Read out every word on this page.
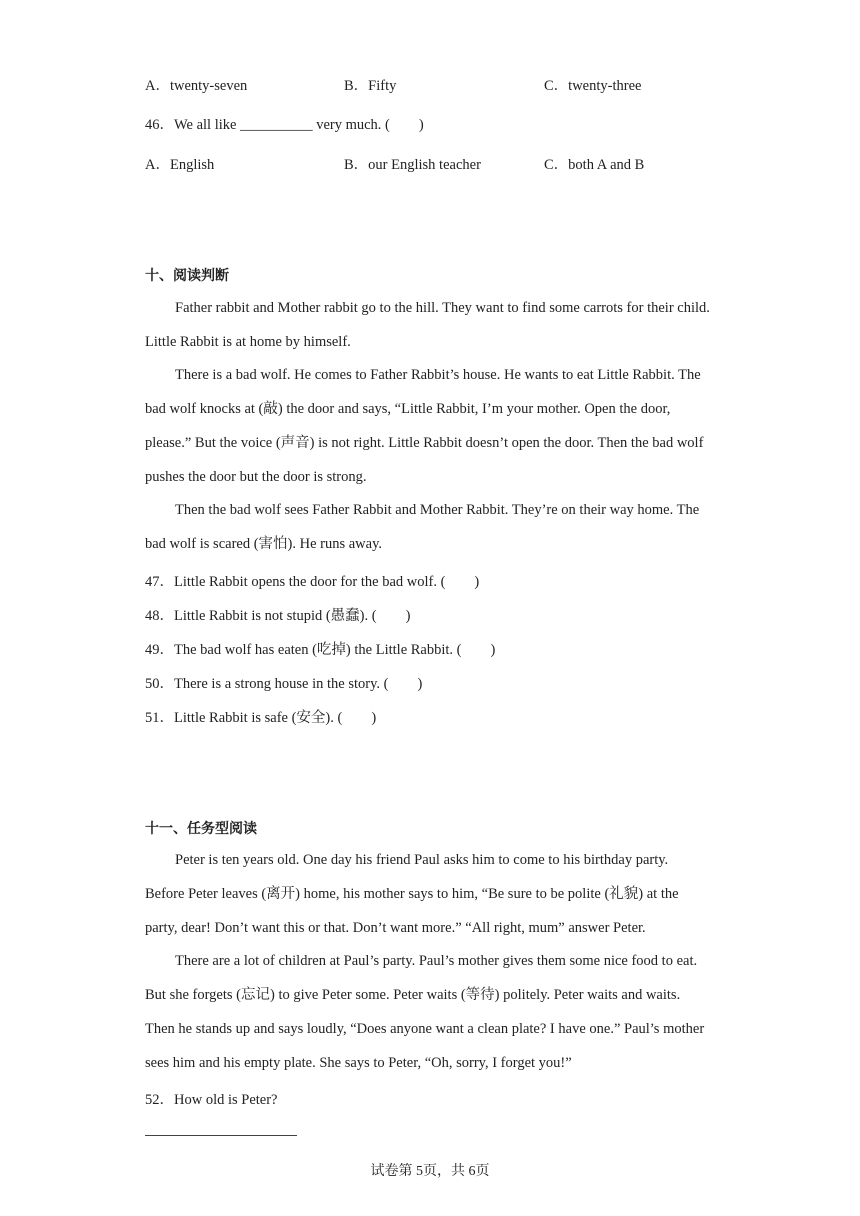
A．twenty-seven	B．Fifty	C．twenty-three
46．We all like __________ very much. (　　)
A．English	B．our English teacher	C．both A and B
十、阅读判断
Father rabbit and Mother rabbit go to the hill. They want to find some carrots for their child. Little Rabbit is at home by himself.
There is a bad wolf. He comes to Father Rabbit’s house. He wants to eat Little Rabbit. The bad wolf knocks at (敲) the door and says, “Little Rabbit, I’m your mother. Open the door, please.” But the voice (声音) is not right. Little Rabbit doesn’t open the door. Then the bad wolf pushes the door but the door is strong.
Then the bad wolf sees Father Rabbit and Mother Rabbit. They’re on their way home. The bad wolf is scared (害怕). He runs away.
47．Little Rabbit opens the door for the bad wolf. (　　)
48．Little Rabbit is not stupid (愚蠢). (　　)
49．The bad wolf has eaten (吃掉) the Little Rabbit. (　　)
50．There is a strong house in the story. (　　)
51．Little Rabbit is safe (安全). (　　)
十一、任务型阅读
Peter is ten years old. One day his friend Paul asks him to come to his birthday party. Before Peter leaves (离开) home, his mother says to him, “Be sure to be polite (礼貌) at the party, dear! Don’t want this or that. Don’t want more.” “All right, mum” answer Peter.
There are a lot of children at Paul’s party. Paul’s mother gives them some nice food to eat. But she forgets (忘记) to give Peter some. Peter waits (等待) politely. Peter waits and waits. Then he stands up and says loudly, “Does anyone want a clean plate? I have one.” Paul’s mother sees him and his empty plate. She says to Peter, “Oh, sorry, I forget you!”
52．How old is Peter?
试卷第 5页，共 6页
